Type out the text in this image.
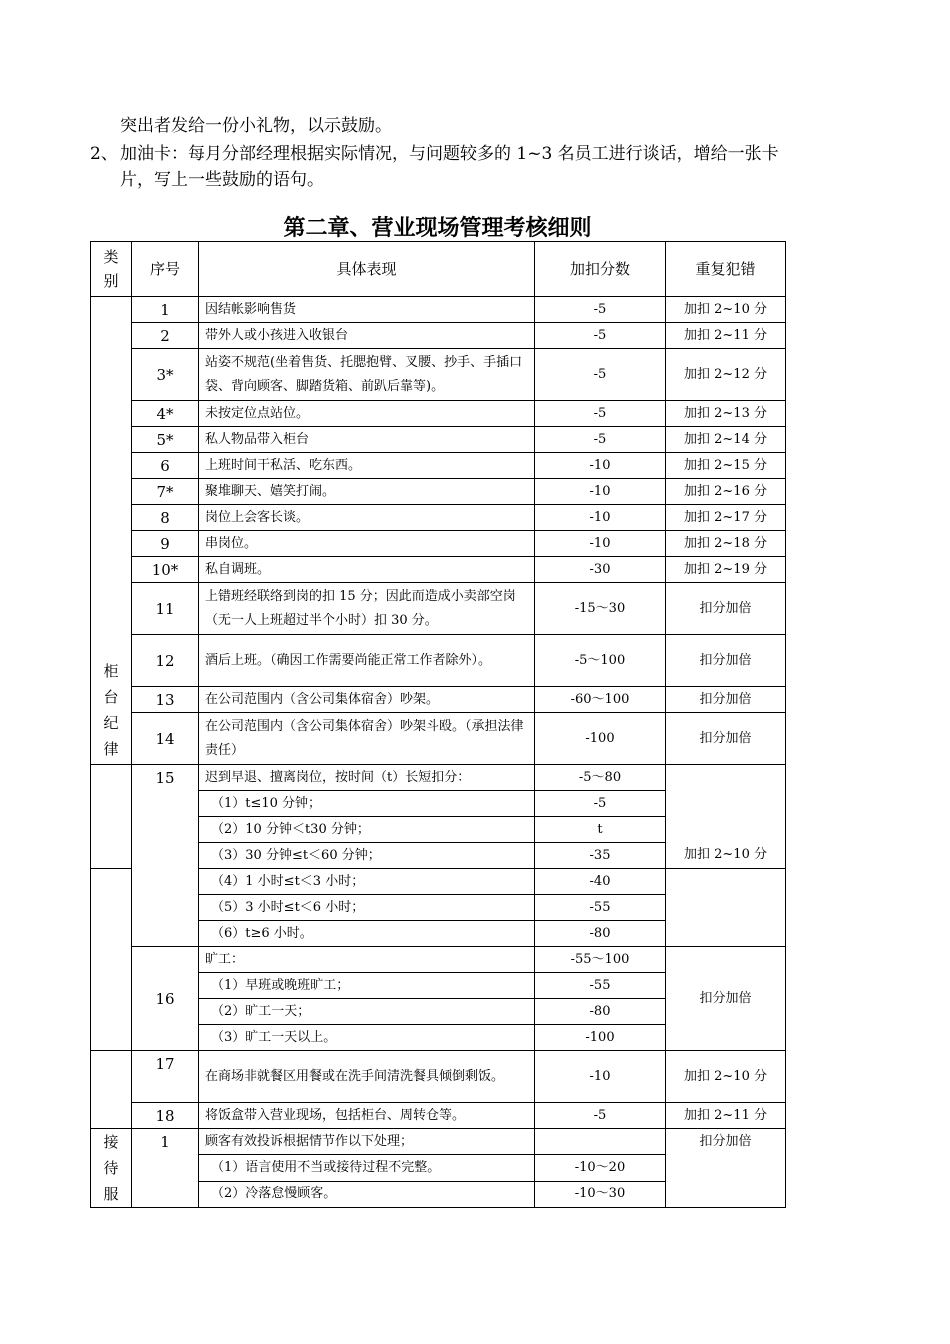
突出者发给一份小礼物，以示鼓励。
2、 加油卡：每月分部经理根据实际情况，与问题较多的 1~3 名员工进行谈话，增给一张卡
片，写上一些鼓励的语句。
第二章、营业现场管理考核细则
类别	序号	具体表现	加扣分数	重复犯错
柜台纪律	1	因结帐影响售货	-5	加扣 2~10 分
	2	带外人或小孩进入收银台	-5	加扣 2~11 分
	3*	站姿不规范(坐着售货、托腮抱臂、叉腰、抄手、手插口袋、背向顾客、脚踏货箱、前趴后靠等)。	-5	加扣 2~12 分
	4*	未按定位点站位。	-5	加扣 2~13 分
	5*	私人物品带入柜台	-5	加扣 2~14 分
	6	上班时间干私活、吃东西。	-10	加扣 2~15 分
	7*	聚堆聊天、嬉笑打闹。	-10	加扣 2~16 分
	8	岗位上会客长谈。	-10	加扣 2~17 分
	9	串岗位。	-10	加扣 2~18 分
	10*	私自调班。	-30	加扣 2~19 分
	11	上错班经联络到岗的扣 15 分；因此而造成小卖部空岗（无一人上班超过半个小时）扣 30 分。	-15～30	扣分加倍
	12	酒后上班。（确因工作需要尚能正常工作者除外）。	-5～100	扣分加倍
	13	在公司范围内（含公司集体宿舍）吵架。	-60～100	扣分加倍
	14	在公司范围内（含公司集体宿舍）吵架斗殴。（承担法律责任）	-100	扣分加倍
	15	迟到早退、擅离岗位，按时间（t）长短扣分：	-5～80	加扣 2~10 分
		（1）t≤10 分钟；	-5	
		（2）10 分钟＜t30 分钟；	t	
		（3）30 分钟≤t＜60 分钟；	-35	
		（4）1 小时≤t＜3 小时；	-40	
		（5）3 小时≤t＜6 小时；	-55	
		（6）t≥6 小时。	-80	
	16	旷工：	-55～100	扣分加倍
		（1）早班或晚班旷工；	-55	
		（2）旷工一天；	-80	
		（3）旷工一天以上。	-100	
	17	在商场非就餐区用餐或在洗手间清洗餐具倾倒剩饭。	-10	加扣 2~10 分
	18	将饭盒带入营业现场，包括柜台、周转仓等。	-5	加扣 2~11 分
接待服	1	顾客有效投诉根据情节作以下处理；		扣分加倍
		（1）语言使用不当或接待过程不完整。	-10～20	
		（2）冷落怠慢顾客。	-10～30	
